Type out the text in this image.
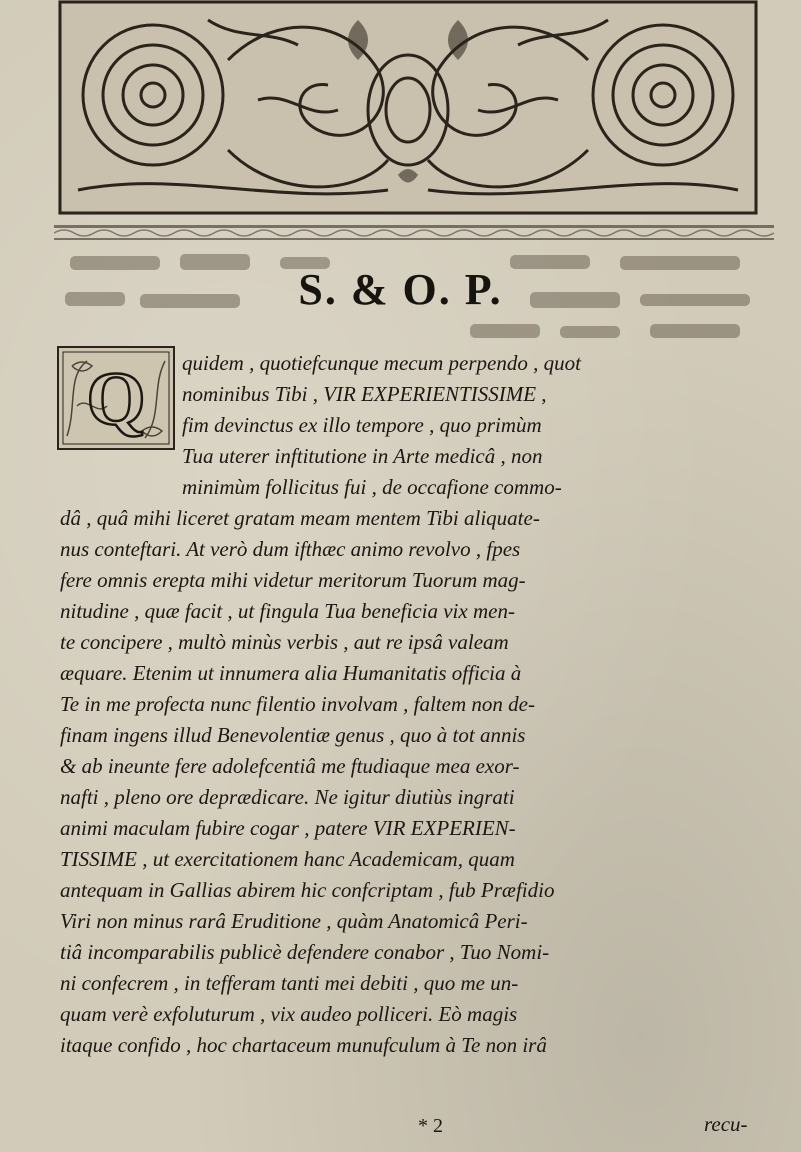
S. & O. P.
Q quidem , quotiefcunque mecum perpendo , quot
nominibus Tibi , VIR EXPERIENTISSIME ,
fim devinctus ex illo tempore , quo primùm
Tua uterer inftitutione in Arte medicâ , non
minimùm follicitus fui , de occafione commo-
dâ , quâ mihi liceret gratam meam mentem Tibi aliquate-
nus conteftari. At verò dum ifthæc animo revolvo , fpes
fere omnis erepta mihi videtur meritorum Tuorum mag-
nitudine , quæ facit , ut fingula Tua beneficia vix men-
te concipere , multò minùs verbis , aut re ipsâ valeam
æquare. Etenim ut innumera alia Humanitatis officia à
Te in me profecta nunc filentio involvam , faltem non de-
finam ingens illud Benevolentiæ genus , quo à tot annis
& ab ineunte fere adolefcentiâ me ftudiaque mea exor-
nafti , pleno ore deprædicare. Ne igitur diutiùs ingrati
animi maculam fubire cogar , patere VIR EXPERIEN-
TISSIME , ut exercitationem hanc Academicam, quam
antequam in Gallias abirem hic confcriptam , fub Præfidio
Viri non minus rarâ Eruditione , quàm Anatomicâ Peri-
tiâ incomparabilis publicè defendere conabor , Tuo Nomi-
ni confecrem , in tefferam tanti mei debiti , quo me un-
quam verè exfoluturum , vix audeo polliceri. Eò magis
itaque confido , hoc chartaceum munufculum à Te non irâ
* 2	recu-
